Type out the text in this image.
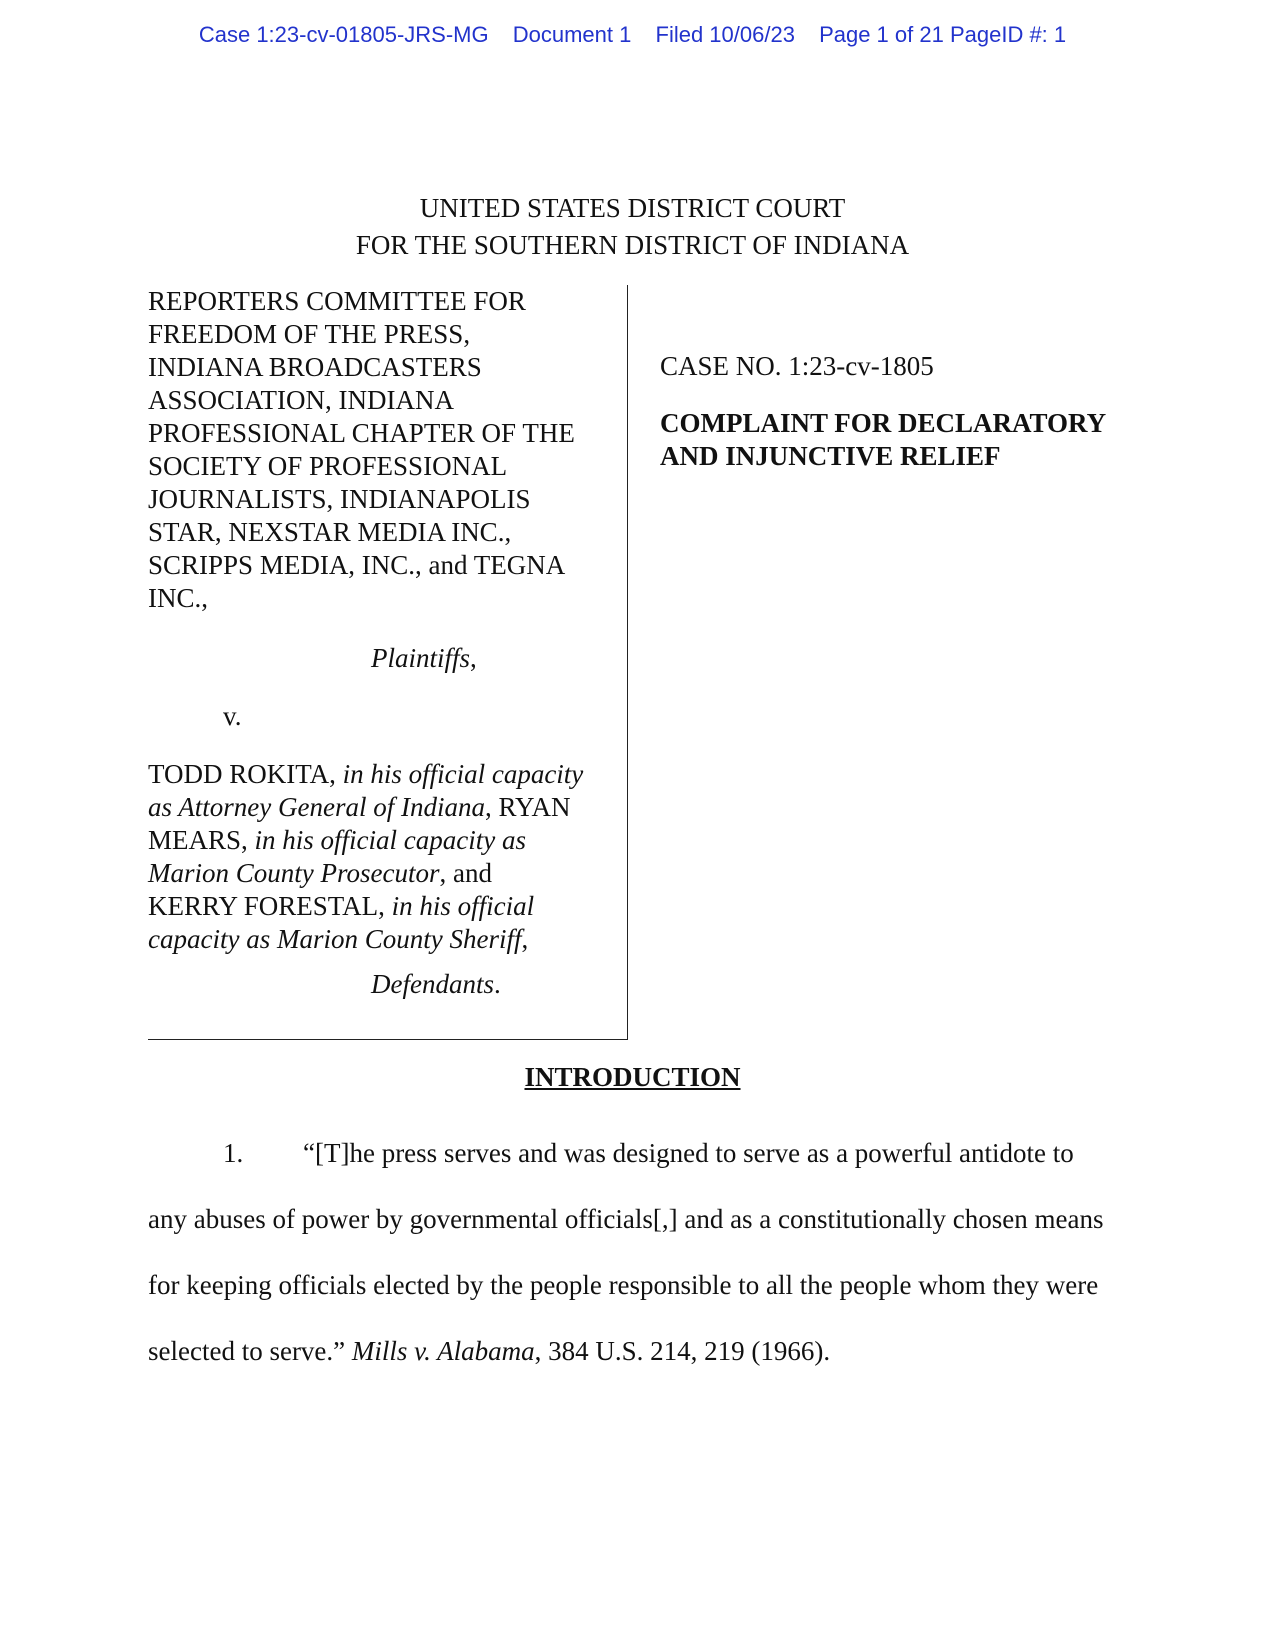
Case 1:23-cv-01805-JRS-MG Document 1 Filed 10/06/23 Page 1 of 21 PageID #: 1
UNITED STATES DISTRICT COURT
FOR THE SOUTHERN DISTRICT OF INDIANA
REPORTERS COMMITTEE FOR
FREEDOM OF THE PRESS,
INDIANA BROADCASTERS
ASSOCIATION, INDIANA
PROFESSIONAL CHAPTER OF THE
SOCIETY OF PROFESSIONAL
JOURNALISTS, INDIANAPOLIS
STAR, NEXSTAR MEDIA INC.,
SCRIPPS MEDIA, INC., and TEGNA
INC.,
Plaintiffs,
v.
TODD ROKITA, in his official capacity
as Attorney General of Indiana, RYAN
MEARS, in his official capacity as
Marion County Prosecutor, and
KERRY FORESTAL, in his official
capacity as Marion County Sheriff,
Defendants.
CASE NO. 1:23-cv-1805
COMPLAINT FOR DECLARATORY
AND INJUNCTIVE RELIEF
INTRODUCTION
1. “[T]he press serves and was designed to serve as a powerful antidote to any abuses of power by governmental officials[,] and as a constitutionally chosen means for keeping officials elected by the people responsible to all the people whom they were selected to serve.” Mills v. Alabama, 384 U.S. 214, 219 (1966).
